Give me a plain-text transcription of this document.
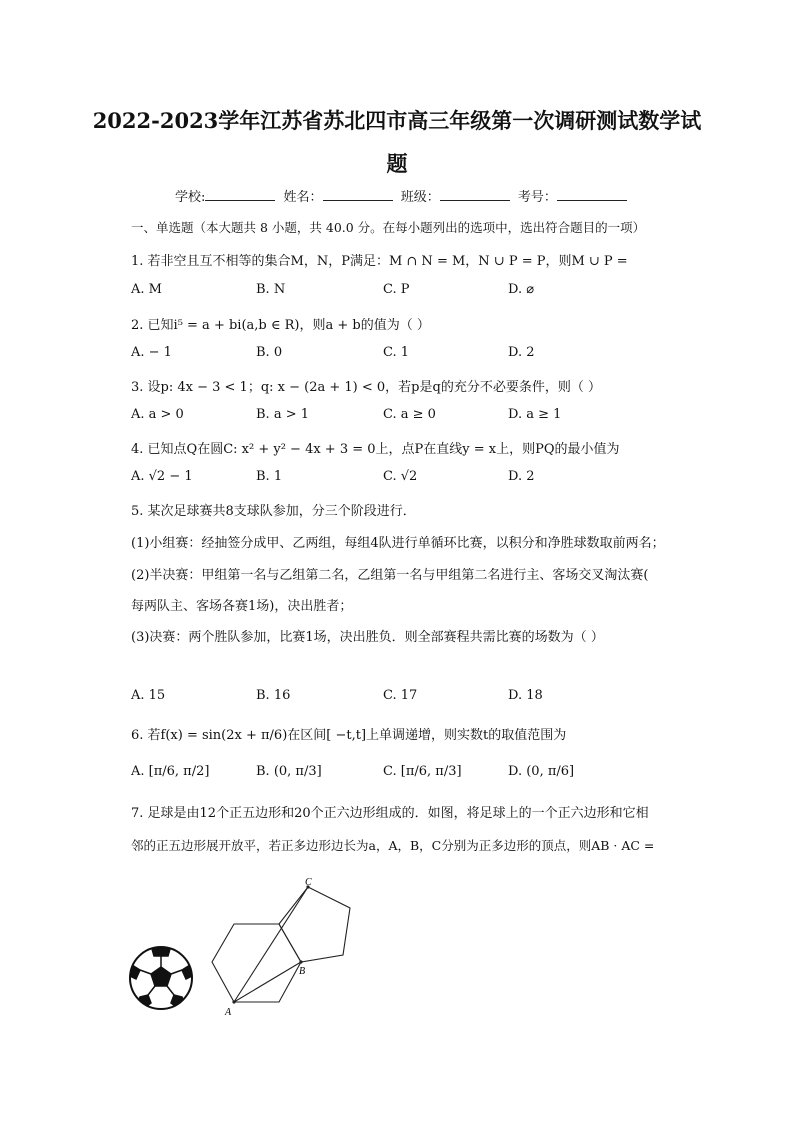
2022-2023学年江苏省苏北四市高三年级第一次调研测试数学试
题
学校:	姓名：	班级：	考号：
一、单选题（本大题共 8 小题，共 40.0 分。在每小题列出的选项中，选出符合题目的一项）
1. 若非空且互不相等的集合M，N，P满足：M ∩ N = M，N ∪ P = P，则M ∪ P =
A. M	B. N	C. P	D. ⌀
2. 已知i⁵ = a + bi(a,b ∈ R)，则a + b的值为（ ）
A. − 1	B. 0	C. 1	D. 2
3. 设p: 4x − 3 < 1；q: x − (2a + 1) < 0，若p是q的充分不必要条件，则（ ）
A. a > 0	B. a > 1	C. a ≥ 0	D. a ≥ 1
4. 已知点Q在圆C: x² + y² − 4x + 3 = 0上，点P在直线y = x上，则PQ的最小值为
A. √2 − 1	B. 1	C. √2	D. 2
5. 某次足球赛共8支球队参加，分三个阶段进行．
(1)小组赛：经抽签分成甲、乙两组，每组4队进行单循环比赛，以积分和净胜球数取前两名；
(2)半决赛：甲组第一名与乙组第二名，乙组第一名与甲组第二名进行主、客场交叉淘汰赛(
每两队主、客场各赛1场)，决出胜者；
(3)决赛：两个胜队参加，比赛1场，决出胜负．则全部赛程共需比赛的场数为（ ）
A. 15	B. 16	C. 17	D. 18
6. 若f(x) = sin(2x + π/6)在区间[ −t,t]上单调递增，则实数t的取值范围为
A. [π/6, π/2]	B. (0, π/3]	C. [π/6, π/3]	D. (0, π/6]
7. 足球是由12个正五边形和20个正六边形组成的．如图，将足球上的一个正六边形和它相
邻的正五边形展开放平，若正多边形边长为a，A，B，C分别为正多边形的顶点，则AB · AC =
A
B
C
